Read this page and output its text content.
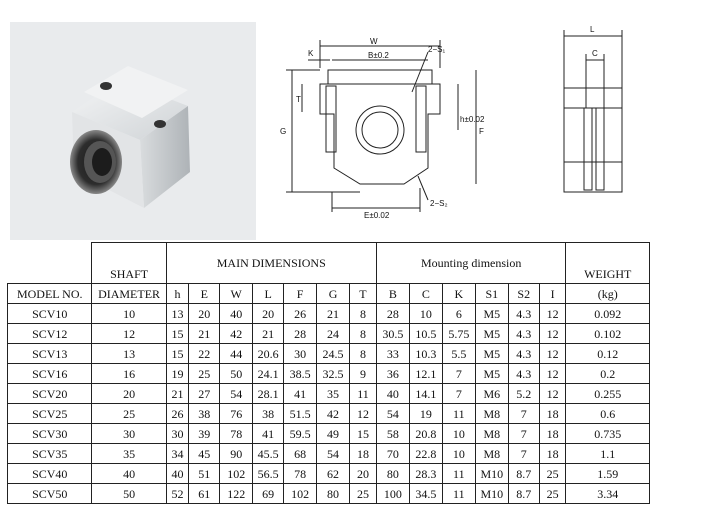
W
B±0.2
2−S₁
K
T
G
h±0.02
F
E±0.02
2−S₂
L
C
		MAIN DIMENSIONS							Mounting dimension						
	SHAFT														WEIGHT
MODEL NO.	DIAMETER	h	E	W	L	F	G	T	B	C	K	S1	S2	I	(kg)
SCV10	10	13	20	40	20	26	21	8	28	10	6	M5	4.3	12	0.092
SCV12	12	15	21	42	21	28	24	8	30.5	10.5	5.75	M5	4.3	12	0.102
SCV13	13	15	22	44	20.6	30	24.5	8	33	10.3	5.5	M5	4.3	12	0.12
SCV16	16	19	25	50	24.1	38.5	32.5	9	36	12.1	7	M5	4.3	12	0.2
SCV20	20	21	27	54	28.1	41	35	11	40	14.1	7	M6	5.2	12	0.255
SCV25	25	26	38	76	38	51.5	42	12	54	19	11	M8	7	18	0.6
SCV30	30	30	39	78	41	59.5	49	15	58	20.8	10	M8	7	18	0.735
SCV35	35	34	45	90	45.5	68	54	18	70	22.8	10	M8	7	18	1.1
SCV40	40	40	51	102	56.5	78	62	20	80	28.3	11	M10	8.7	25	1.59
SCV50	50	52	61	122	69	102	80	25	100	34.5	11	M10	8.7	25	3.34
